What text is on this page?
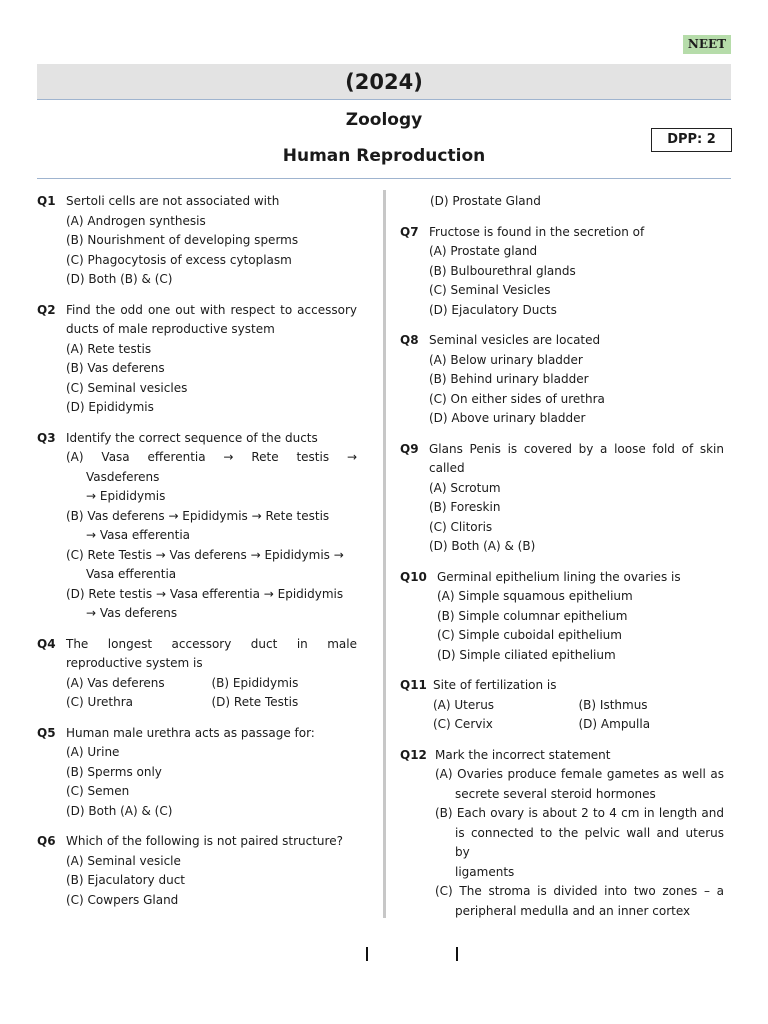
NEET
(2024)
Zoology
Human Reproduction
DPP: 2
Q1 Sertoli cells are not associated with
(A) Androgen synthesis
(B) Nourishment of developing sperms
(C) Phagocytosis of excess cytoplasm
(D) Both (B) & (C)
Q2 Find the odd one out with respect to accessory
ducts of male reproductive system
(A) Rete testis
(B) Vas deferens
(C) Seminal vesicles
(D) Epididymis
Q3 Identify the correct sequence of the ducts
(A) Vasa efferentia → Rete testis →
Vasdeferens
→ Epididymis
(B) Vas deferens → Epididymis → Rete testis
→ Vasa efferentia
(C) Rete Testis → Vas deferens → Epididymis →
Vasa efferentia
(D) Rete testis → Vasa efferentia → Epididymis
→ Vas deferens
Q4 The longest accessory duct in male
reproductive system is
(A) Vas deferens	(B) Epididymis
(C) Urethra	(D) Rete Testis
Q5 Human male urethra acts as passage for:
(A) Urine
(B) Sperms only
(C) Semen
(D) Both (A) & (C)
Q6 Which of the following is not paired structure?
(A) Seminal vesicle
(B) Ejaculatory duct
(C) Cowpers Gland
(D) Prostate Gland
Q7 Fructose is found in the secretion of
(A) Prostate gland
(B) Bulbourethral glands
(C) Seminal Vesicles
(D) Ejaculatory Ducts
Q8 Seminal vesicles are located
(A) Below urinary bladder
(B) Behind urinary bladder
(C) On either sides of urethra
(D) Above urinary bladder
Q9 Glans Penis is covered by a loose fold of skin
called
(A) Scrotum
(B) Foreskin
(C) Clitoris
(D) Both (A) & (B)
Q10 Germinal epithelium lining the ovaries is
(A) Simple squamous epithelium
(B) Simple columnar epithelium
(C) Simple cuboidal epithelium
(D) Simple ciliated epithelium
Q11 Site of fertilization is
(A) Uterus	(B) Isthmus
(C) Cervix	(D) Ampulla
Q12 Mark the incorrect statement
(A) Ovaries produce female gametes as well as
secrete several steroid hormones
(B) Each ovary is about 2 to 4 cm in length and
is connected to the pelvic wall and uterus by
ligaments
(C) The stroma is divided into two zones – a
peripheral medulla and an inner cortex
